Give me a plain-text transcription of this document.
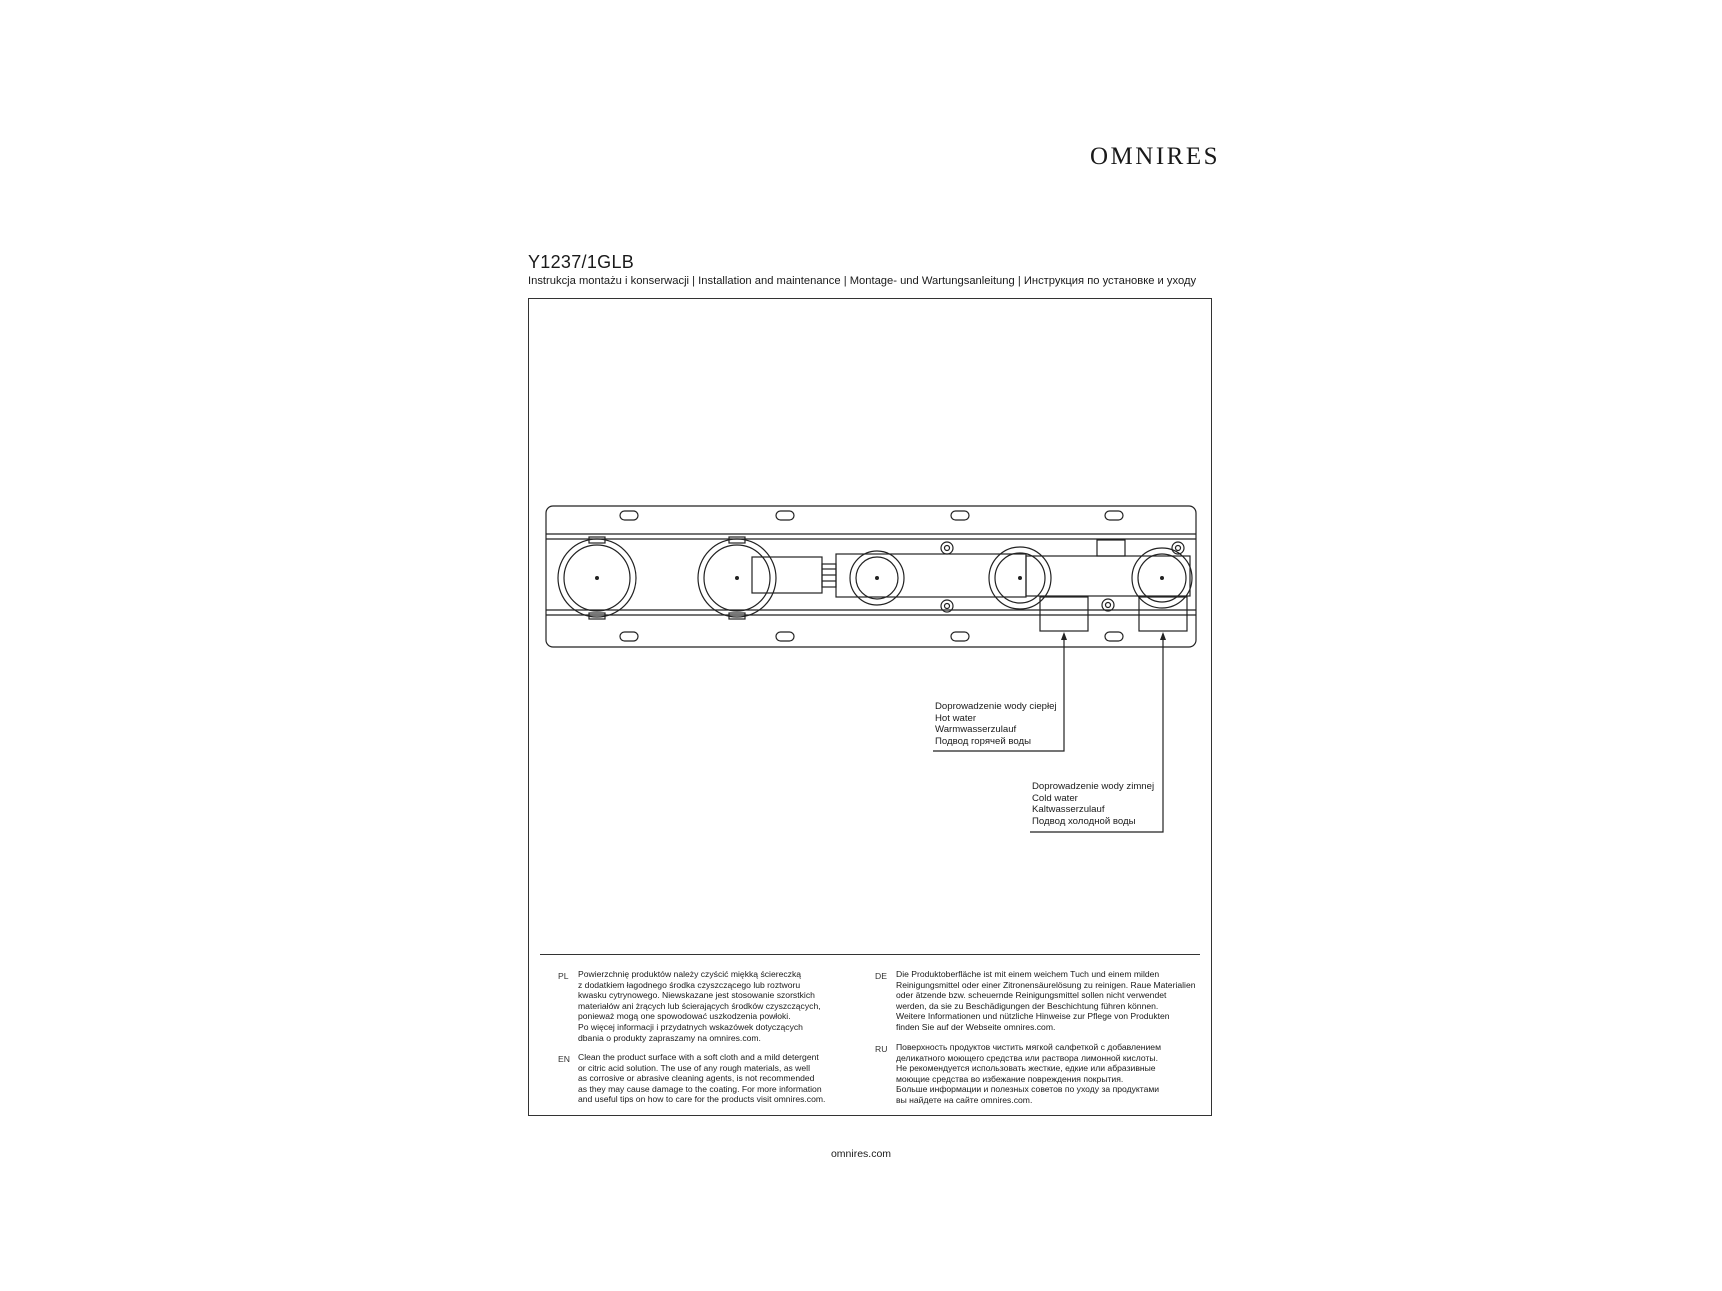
OMNIRES
Y1237/1GLB
Instrukcja montażu i konserwacji | Installation and maintenance | Montage- und Wartungsanleitung | Инструкция по установке и уходу
Doprowadzenie wody ciepłej
Hot water
Warmwasserzulauf
Подвод горячей воды
Doprowadzenie wody zimnej
Cold water
Kaltwasserzulauf
Подвод холодной воды
PL Powierzchnię produktów należy czyścić miękką ściereczką
z dodatkiem łagodnego środka czyszczącego lub roztworu
kwasku cytrynowego. Niewskazane jest stosowanie szorstkich
materiałów ani żrących lub ścierających środków czyszczących,
ponieważ mogą one spowodować uszkodzenia powłoki.
Po więcej informacji i przydatnych wskazówek dotyczących
dbania o produkty zapraszamy na omnires.com.
EN Clean the product surface with a soft cloth and a mild detergent
or citric acid solution. The use of any rough materials, as well
as corrosive or abrasive cleaning agents, is not recommended
as they may cause damage to the coating. For more information
and useful tips on how to care for the products visit omnires.com.
DE Die Produktoberfläche ist mit einem weichem Tuch und einem milden
Reinigungsmittel oder einer Zitronensäurelösung zu reinigen. Raue Materialien
oder ätzende bzw. scheuernde Reinigungsmittel sollen nicht verwendet
werden, da sie zu Beschädigungen der Beschichtung führen können.
Weitere Informationen und nützliche Hinweise zur Pflege von Produkten
finden Sie auf der Webseite omnires.com.
RU Поверхность продуктов чистить мягкой салфеткой с добавлением
деликатного моющего средства или раствора лимонной кислоты.
Не рекомендуется использовать жесткие, едкие или абразивные
моющие средства во избежание повреждения покрытия.
Больше информации и полезных советов по уходу за продуктами
вы найдете на сайте omnires.com.
omnires.com
